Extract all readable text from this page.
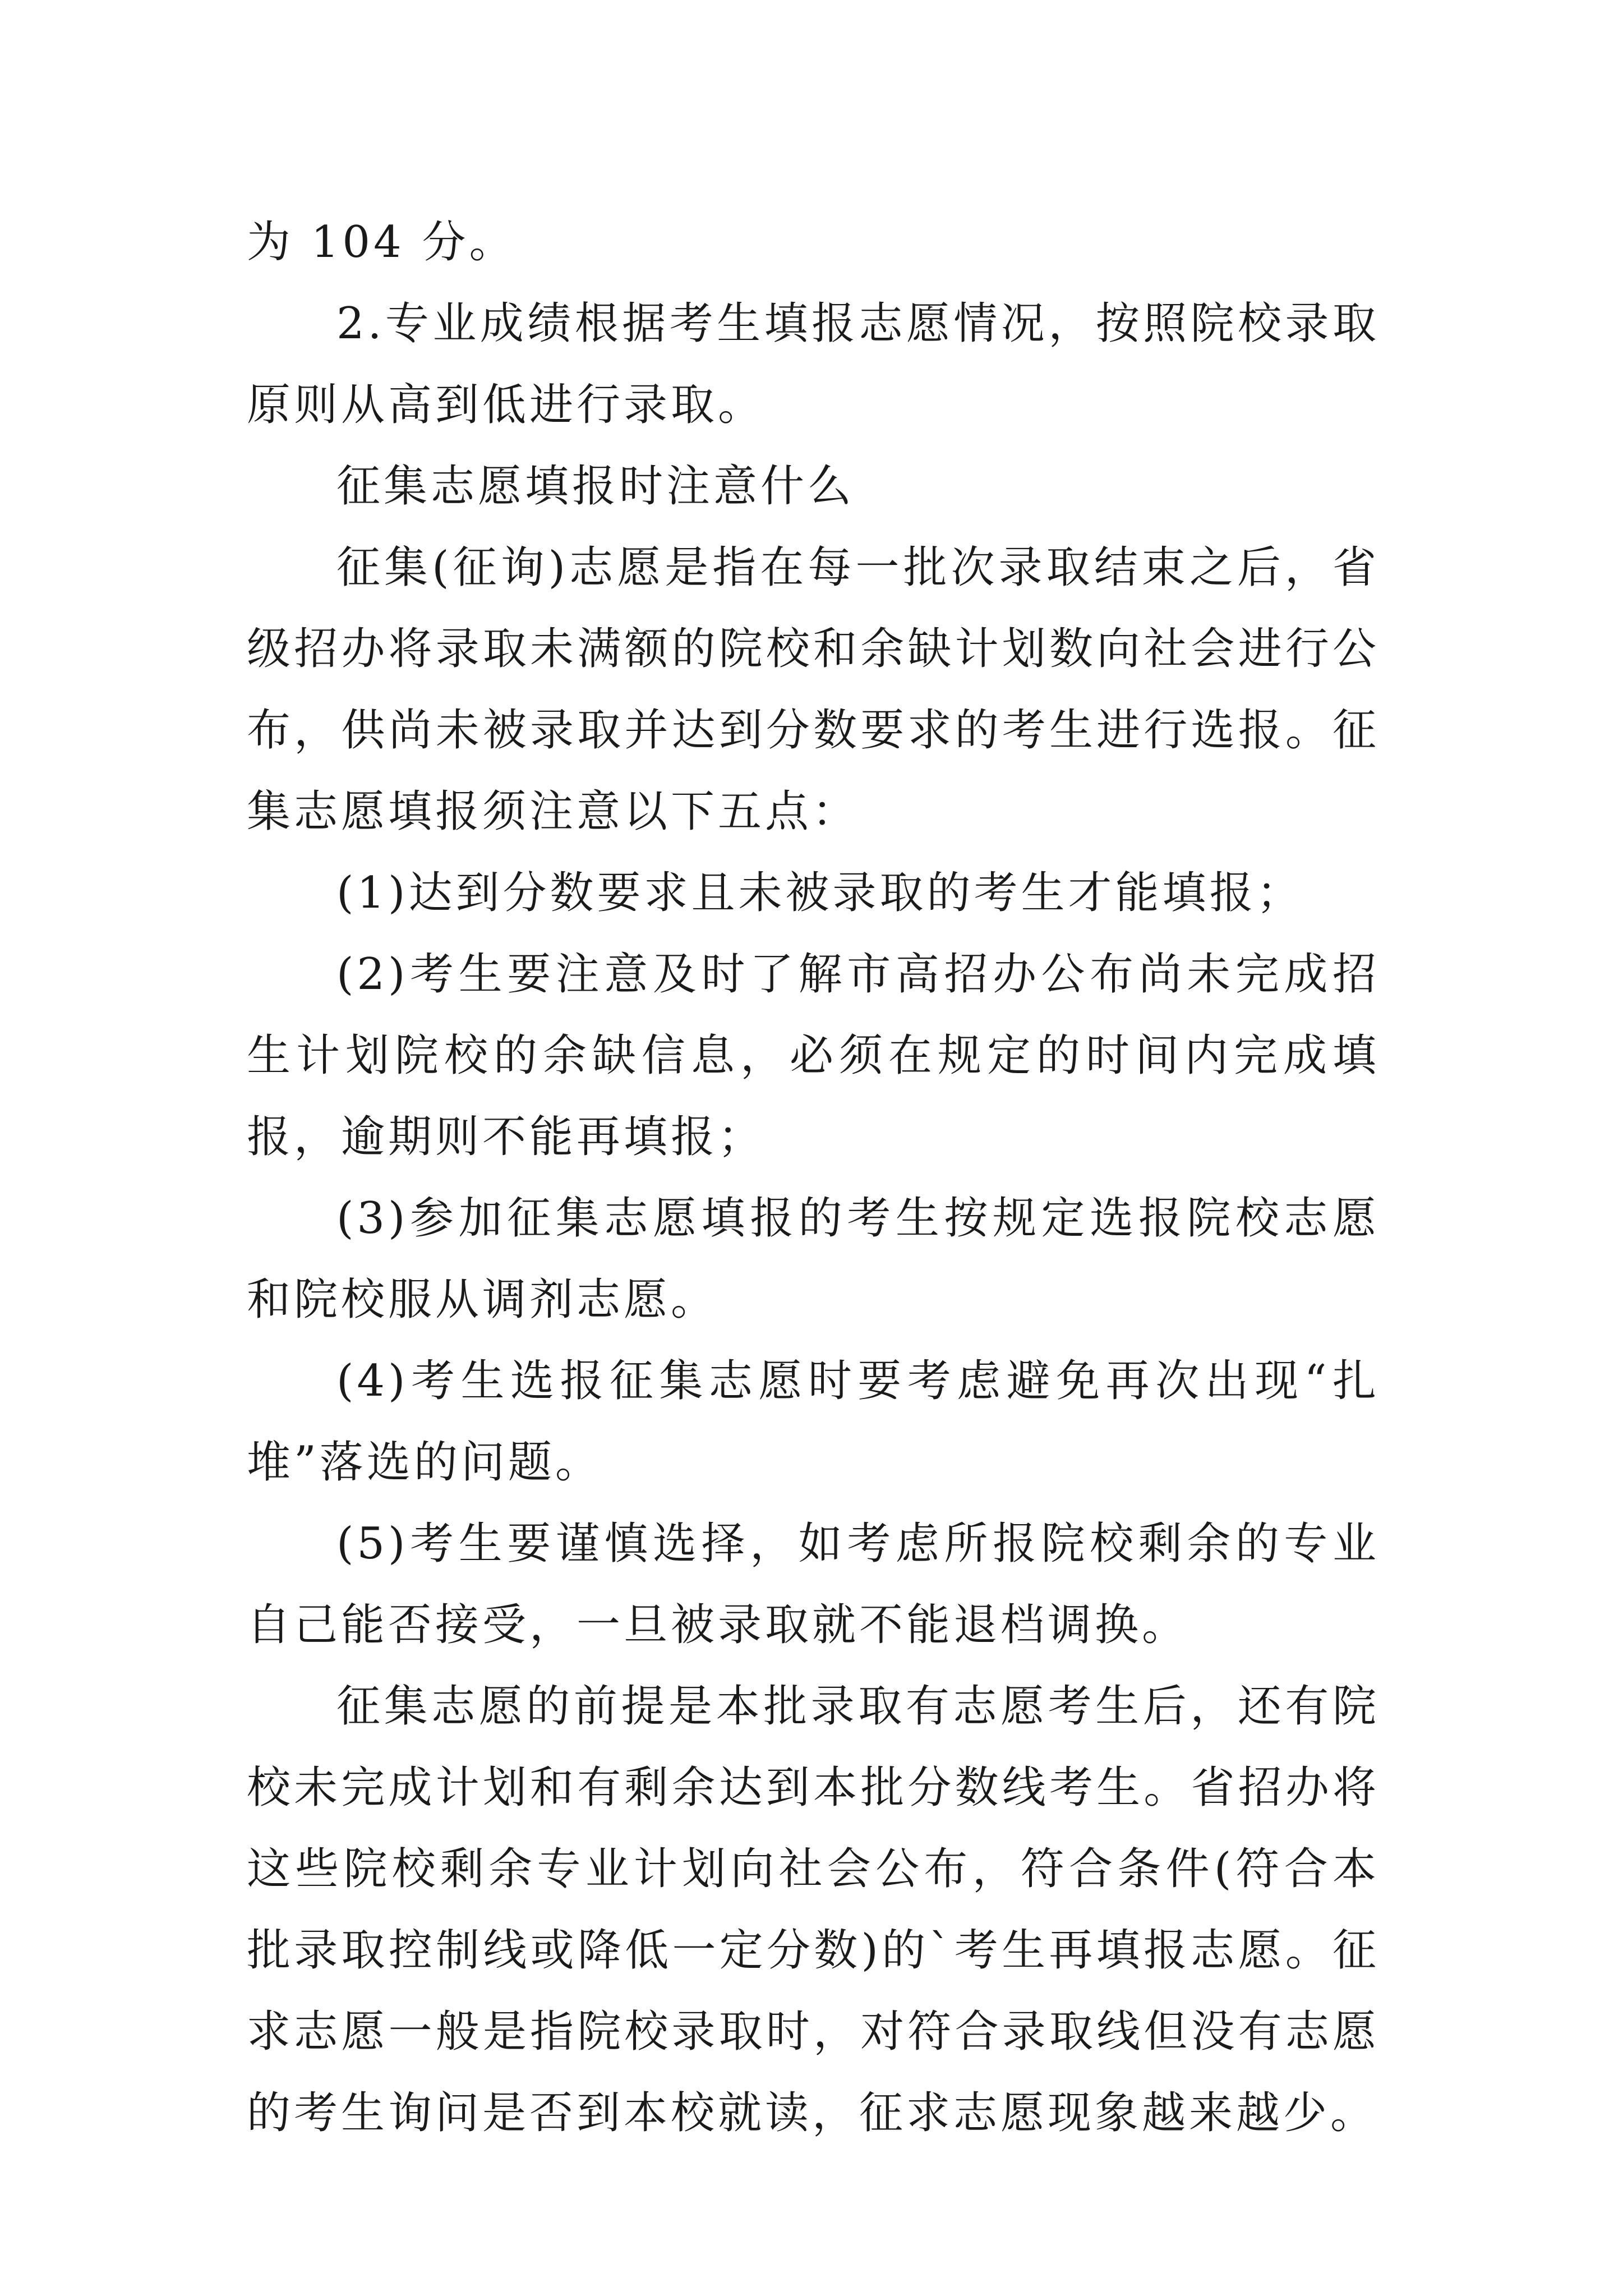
为 104 分。

2.专业成绩根据考生填报志愿情况，按照院校录取原则从高到低进行录取。

征集志愿填报时注意什么

征集(征询)志愿是指在每一批次录取结束之后，省级招办将录取未满额的院校和余缺计划数向社会进行公布，供尚未被录取并达到分数要求的考生进行选报。征集志愿填报须注意以下五点：

(1)达到分数要求且未被录取的考生才能填报；

(2)考生要注意及时了解市高招办公布尚未完成招生计划院校的余缺信息，必须在规定的时间内完成填报，逾期则不能再填报；

(3)参加征集志愿填报的考生按规定选报院校志愿和院校服从调剂志愿。

(4)考生选报征集志愿时要考虑避免再次出现“扎堆”落选的问题。

(5)考生要谨慎选择，如考虑所报院校剩余的专业自己能否接受，一旦被录取就不能退档调换。

征集志愿的前提是本批录取有志愿考生后，还有院校未完成计划和有剩余达到本批分数线考生。省招办将这些院校剩余专业计划向社会公布，符合条件(符合本批录取控制线或降低一定分数)的`考生再填报志愿。征求志愿一般是指院校录取时，对符合录取线但没有志愿的考生询问是否到本校就读，征求志愿现象越来越少。
